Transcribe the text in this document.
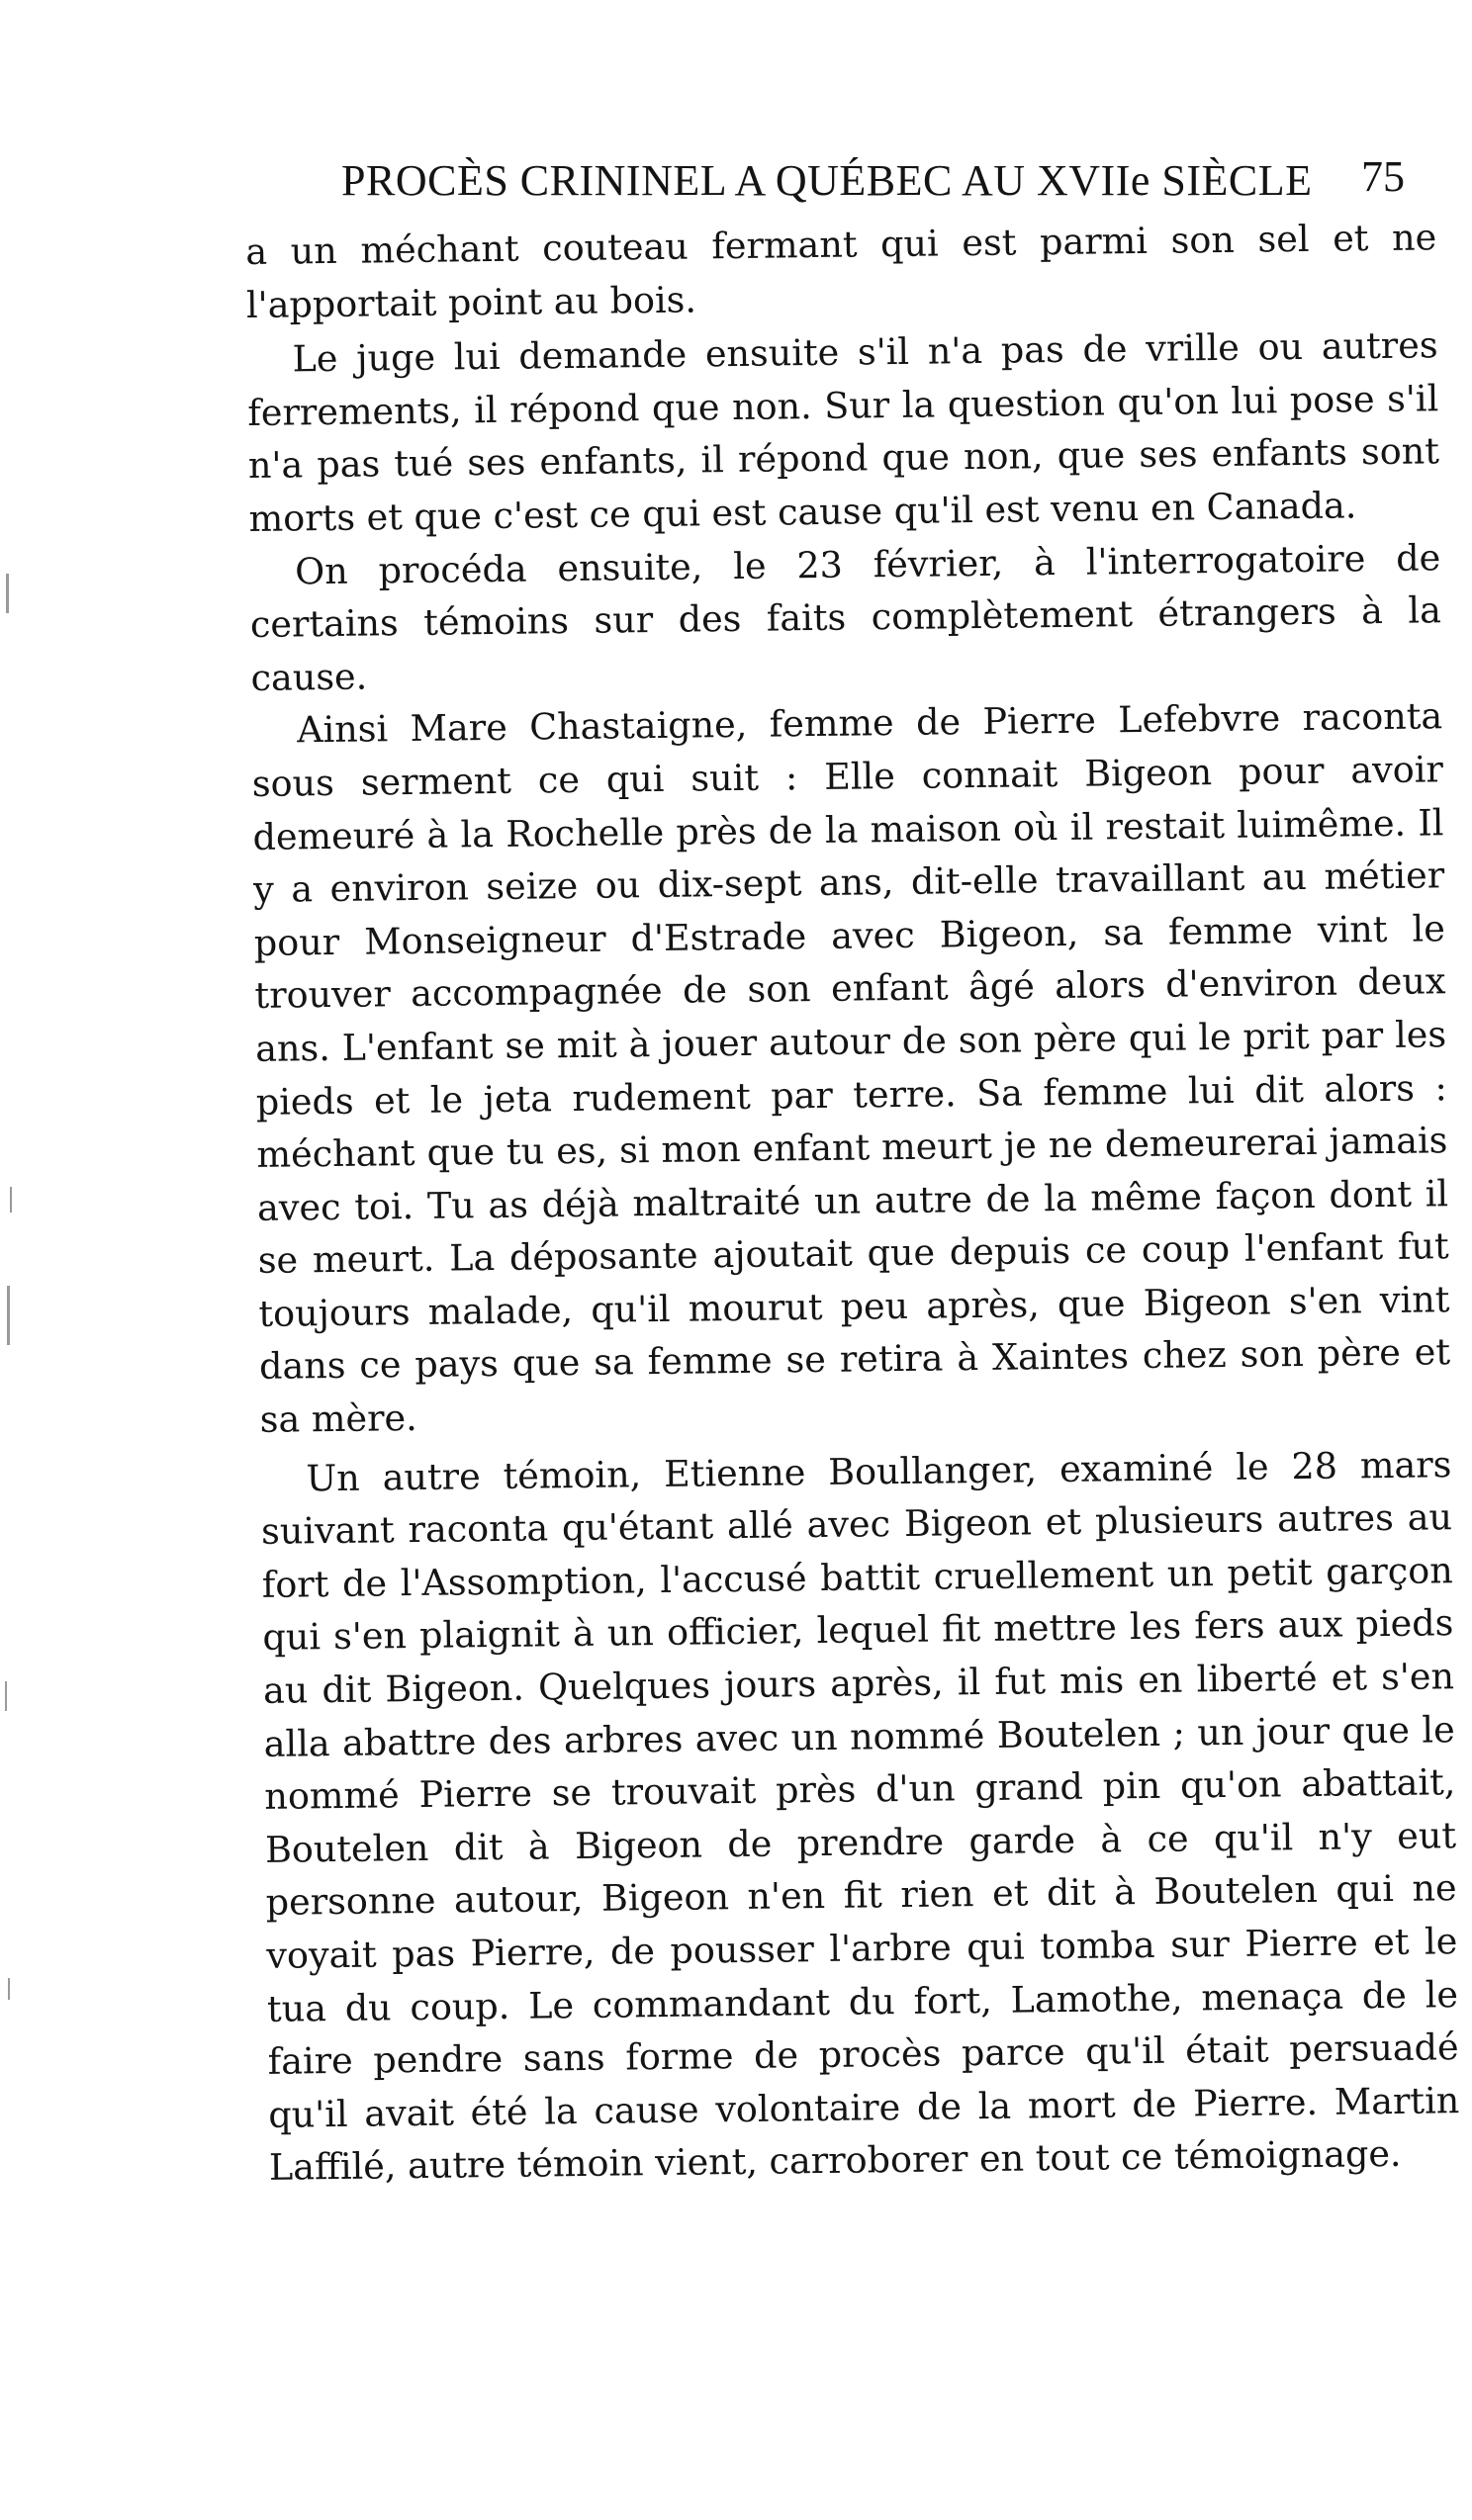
PROCÈS CRININEL A QUÉBEC AU XVIIe SIÈCLE 75

a un méchant couteau fermant qui est parmi son sel et ne l'apportait point au bois.

Le juge lui demande ensuite s'il n'a pas de vrille ou autres ferrements, il répond que non. Sur la question qu'on lui pose s'il n'a pas tué ses enfants, il répond que non, que ses enfants sont morts et que c'est ce qui est cause qu'il est venu en Canada.

On procéda ensuite, le 23 février, à l'interrogatoire de certains témoins sur des faits complètement étrangers à la cause.

Ainsi Mare Chastaigne, femme de Pierre Lefebvre raconta sous serment ce qui suit : Elle connait Bigeon pour avoir demeuré à la Rochelle près de la maison où il restait luimême. Il y a environ seize ou dix-sept ans, dit-elle travaillant au métier pour Monseigneur d'Estrade avec Bigeon, sa femme vint le trouver accompagnée de son enfant âgé alors d'environ deux ans. L'enfant se mit à jouer autour de son père qui le prit par les pieds et le jeta rudement par terre. Sa femme lui dit alors : méchant que tu es, si mon enfant meurt je ne demeurerai jamais avec toi. Tu as déjà maltraité un autre de la même façon dont il se meurt. La déposante ajoutait que depuis ce coup l'enfant fut toujours malade, qu'il mourut peu après, que Bigeon s'en vint dans ce pays que sa femme se retira à Xaintes chez son père et sa mère.

Un autre témoin, Etienne Boullanger, examiné le 28 mars suivant raconta qu'étant allé avec Bigeon et plusieurs autres au fort de l'Assomption, l'accusé battit cruellement un petit garçon qui s'en plaignit à un officier, lequel fit mettre les fers aux pieds au dit Bigeon. Quelques jours après, il fut mis en liberté et s'en alla abattre des arbres avec un nommé Boutelen ; un jour que le nommé Pierre se trouvait près d'un grand pin qu'on abattait, Boutelen dit à Bigeon de prendre garde à ce qu'il n'y eut personne autour, Bigeon n'en fit rien et dit à Boutelen qui ne voyait pas Pierre, de pousser l'arbre qui tomba sur Pierre et le tua du coup. Le commandant du fort, Lamothe, menaça de le faire pendre sans forme de procès parce qu'il était persuadé qu'il avait été la cause volontaire de la mort de Pierre. Martin Laffilé, autre témoin vient, carroborer en tout ce témoignage.
